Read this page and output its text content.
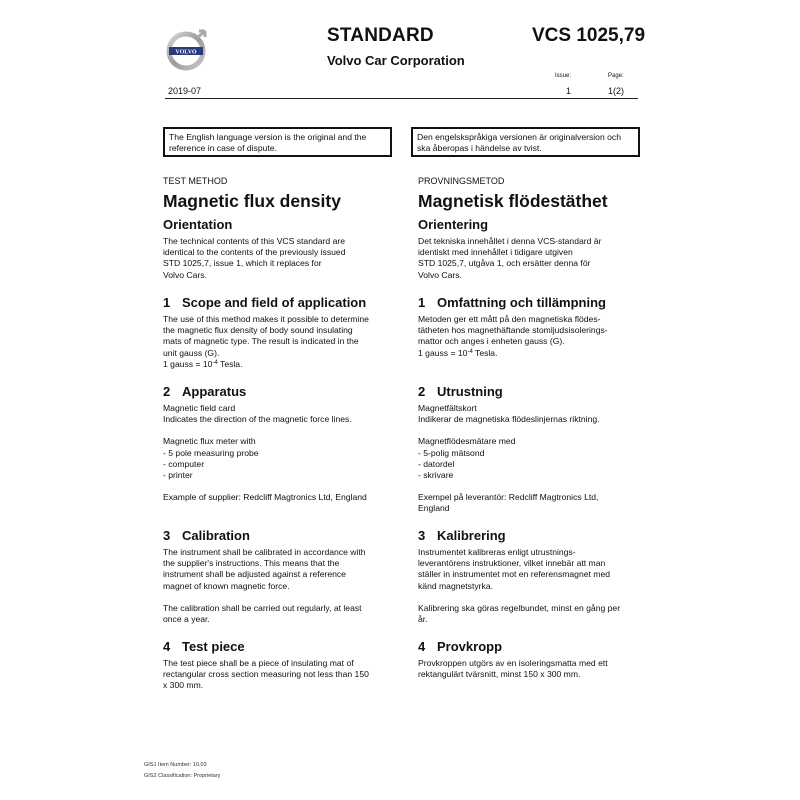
VOLVO
STANDARD	VCS 1025,79
Volvo Car Corporation
2019-07
Issue:
1
Page:
1(2)
The English language version is the original and the reference in case of dispute.
Den engelskspråkiga versionen är originalversion och ska åberopas i händelse av tvist.
TEST METHOD
Magnetic flux density
Orientation
The technical contents of this VCS standard are
identical to the contents of the previously issued
STD 1025,7, issue 1, which it replaces for
Volvo Cars.
1 Scope and field of application
The use of this method makes it possible to determine
the magnetic flux density of body sound insulating
mats of magnetic type. The result is indicated in the
unit gauss (G).
1 gauss = $10^{-4}$ Tesla.
2 Apparatus
Magnetic field card
Indicates the direction of the magnetic force lines.
Magnetic flux meter with
- 5 pole measuring probe
- computer
- printer
Example of supplier: Redcliff Magtronics Ltd, England
3 Calibration
The instrument shall be calibrated in accordance with
the supplier's instructions. This means that the
instrument shall be adjusted against a reference
magnet of known magnetic force.
The calibration shall be carried out regularly, at least
once a year.
4 Test piece
The test piece shall be a piece of insulating mat of
rectangular cross section measuring not less than 150
x 300 mm.
PROVNINGSMETOD
Magnetisk flödestäthet
Orientering
Det tekniska innehållet i denna VCS-standard är
identiskt med innehållet i tidigare utgiven
STD 1025,7, utgåva 1, och ersätter denna för
Volvo Cars.
1 Omfattning och tillämpning
Metoden ger ett mått på den magnetiska flödes-
tätheten hos magnethäftande stomljudsisolerings-
mattor och anges i enheten gauss (G).
1 gauss = $10^{-4}$ Tesla.
2 Utrustning
Magnetfältskort
Indikerar de magnetiska flödeslinjernas riktning.
Magnetflödesmätare med
- 5-polig mätsond
- datordel
- skrivare
Exempel på leverantör: Redcliff Magtronics Ltd,
England
3 Kalibrering
Instrumentet kalibreras enligt utrustnings-
leverantörens instruktioner, vilket innebär att man
ställer in instrumentet mot en referensmagnet med
känd magnetstyrka.
Kalibrering ska göras regelbundet, minst en gång per
år.
4 Provkropp
Provkroppen utgörs av en isoleringsmatta med ett
rektangulärt tvärsnitt, minst 150 x 300 mm.
GIS1 Item Number: 10.03
GIS2 Classification: Proprietary
